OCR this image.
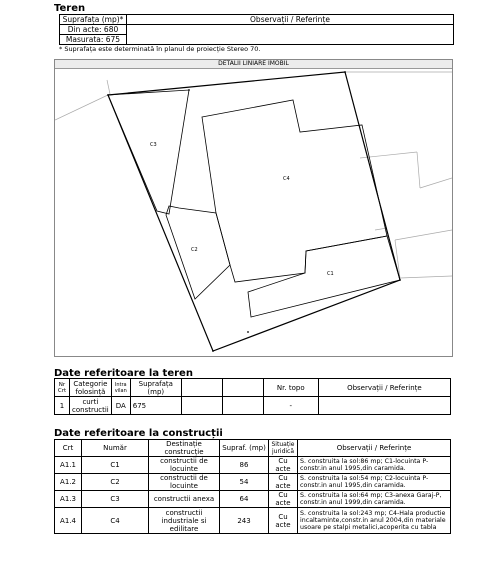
Teren
Suprafața (mp)*	Observații / Referințe
Din acte: 680	
Masurata: 675	
* Suprafața este determinată în planul de proiecție Stereo 70.
DETALII LINIARE IMOBIL
C3
C4
C2
C1
Date referitoare la teren
Nr Crt	Categorie folosință	Intra vilan	Suprafața (mp)			Nr. topo	Observații / Referințe
1	curti constructii	DA	675			-	
Date referitoare la construcții
Crt	Număr	Destinație construcție	Supraf. (mp)	Situație juridică	Observații / Referințe
A1.1	C1	constructii de locuinte	86	Cu acte	S. construita la sol:86 mp; C1-locuinta P-constr.in anul 1995,din caramida.
A1.2	C2	constructii de locuinte	54	Cu acte	S. construita la sol:54 mp; C2-locuinta P-constr.in anul 1995,din caramida.
A1.3	C3	constructii anexa	64	Cu acte	S. construita la sol:64 mp; C3-anexa Garaj-P, constr.in anul 1999,din caramida.
A1.4	C4	constructii industriale si edilitare	243	Cu acte	S. construita la sol:243 mp; C4-Hala productie incaltaminte,constr.in anul 2004,din materiale usoare pe stalpi metalici,acoperita cu tabla
